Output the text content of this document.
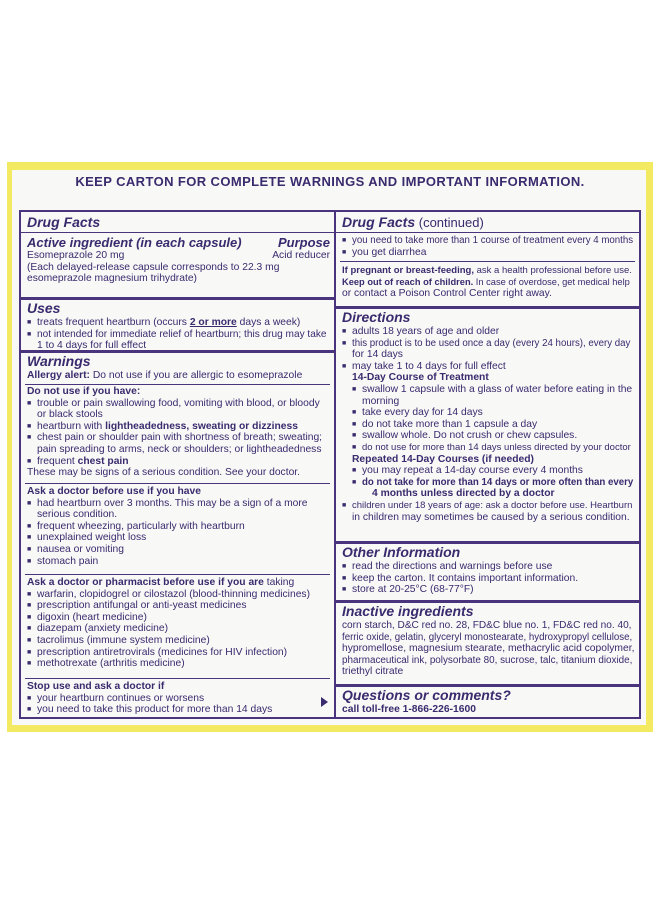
KEEP CARTON FOR COMPLETE WARNINGS AND IMPORTANT INFORMATION.
Drug Facts
Active ingredient (in each capsule)	Purpose
Esomeprazole 20 mg	Acid reducer
(Each delayed-release capsule corresponds to 22.3 mg
esomeprazole magnesium trihydrate)
Uses
■ treats frequent heartburn (occurs 2 or more days a week)
■ not intended for immediate relief of heartburn; this drug may take
1 to 4 days for full effect
Warnings
Allergy alert: Do not use if you are allergic to esomeprazole
Do not use if you have:
■ trouble or pain swallowing food, vomiting with blood, or bloody
or black stools
■ heartburn with lightheadedness, sweating or dizziness
■ chest pain or shoulder pain with shortness of breath; sweating;
pain spreading to arms, neck or shoulders; or lightheadedness
■ frequent chest pain
These may be signs of a serious condition. See your doctor.
Ask a doctor before use if you have
■ had heartburn over 3 months. This may be a sign of a more
serious condition.
■ frequent wheezing, particularly with heartburn
■ unexplained weight loss
■ nausea or vomiting
■ stomach pain
Ask a doctor or pharmacist before use if you are taking
■ warfarin, clopidogrel or cilostazol (blood-thinning medicines)
■ prescription antifungal or anti-yeast medicines
■ digoxin (heart medicine)
■ diazepam (anxiety medicine)
■ tacrolimus (immune system medicine)
■ prescription antiretrovirals (medicines for HIV infection)
■ methotrexate (arthritis medicine)
Stop use and ask a doctor if
■ your heartburn continues or worsens
■ you need to take this product for more than 14 days
Drug Facts (continued)
■ you need to take more than 1 course of treatment every 4 months
■ you get diarrhea
If pregnant or breast-feeding, ask a health professional before use.
Keep out of reach of children. In case of overdose, get medical help
or contact a Poison Control Center right away.
Directions
■ adults 18 years of age and older
■ this product is to be used once a day (every 24 hours), every day
for 14 days
■ may take 1 to 4 days for full effect
14-Day Course of Treatment
■ swallow 1 capsule with a glass of water before eating in the
morning
■ take every day for 14 days
■ do not take more than 1 capsule a day
■ swallow whole. Do not crush or chew capsules.
■ do not use for more than 14 days unless directed by your doctor
Repeated 14-Day Courses (if needed)
■ you may repeat a 14-day course every 4 months
■ do not take for more than 14 days or more often than every
4 months unless directed by a doctor
■ children under 18 years of age: ask a doctor before use. Heartburn
in children may sometimes be caused by a serious condition.
Other Information
■ read the directions and warnings before use
■ keep the carton. It contains important information.
■ store at 20-25°C (68-77°F)
Inactive ingredients
corn starch, D&C red no. 28, FD&C blue no. 1, FD&C red no. 40,
ferric oxide, gelatin, glyceryl monostearate, hydroxypropyl cellulose,
hypromellose, magnesium stearate, methacrylic acid copolymer,
pharmaceutical ink, polysorbate 80, sucrose, talc, titanium dioxide,
triethyl citrate
Questions or comments?
call toll-free 1-866-226-1600
